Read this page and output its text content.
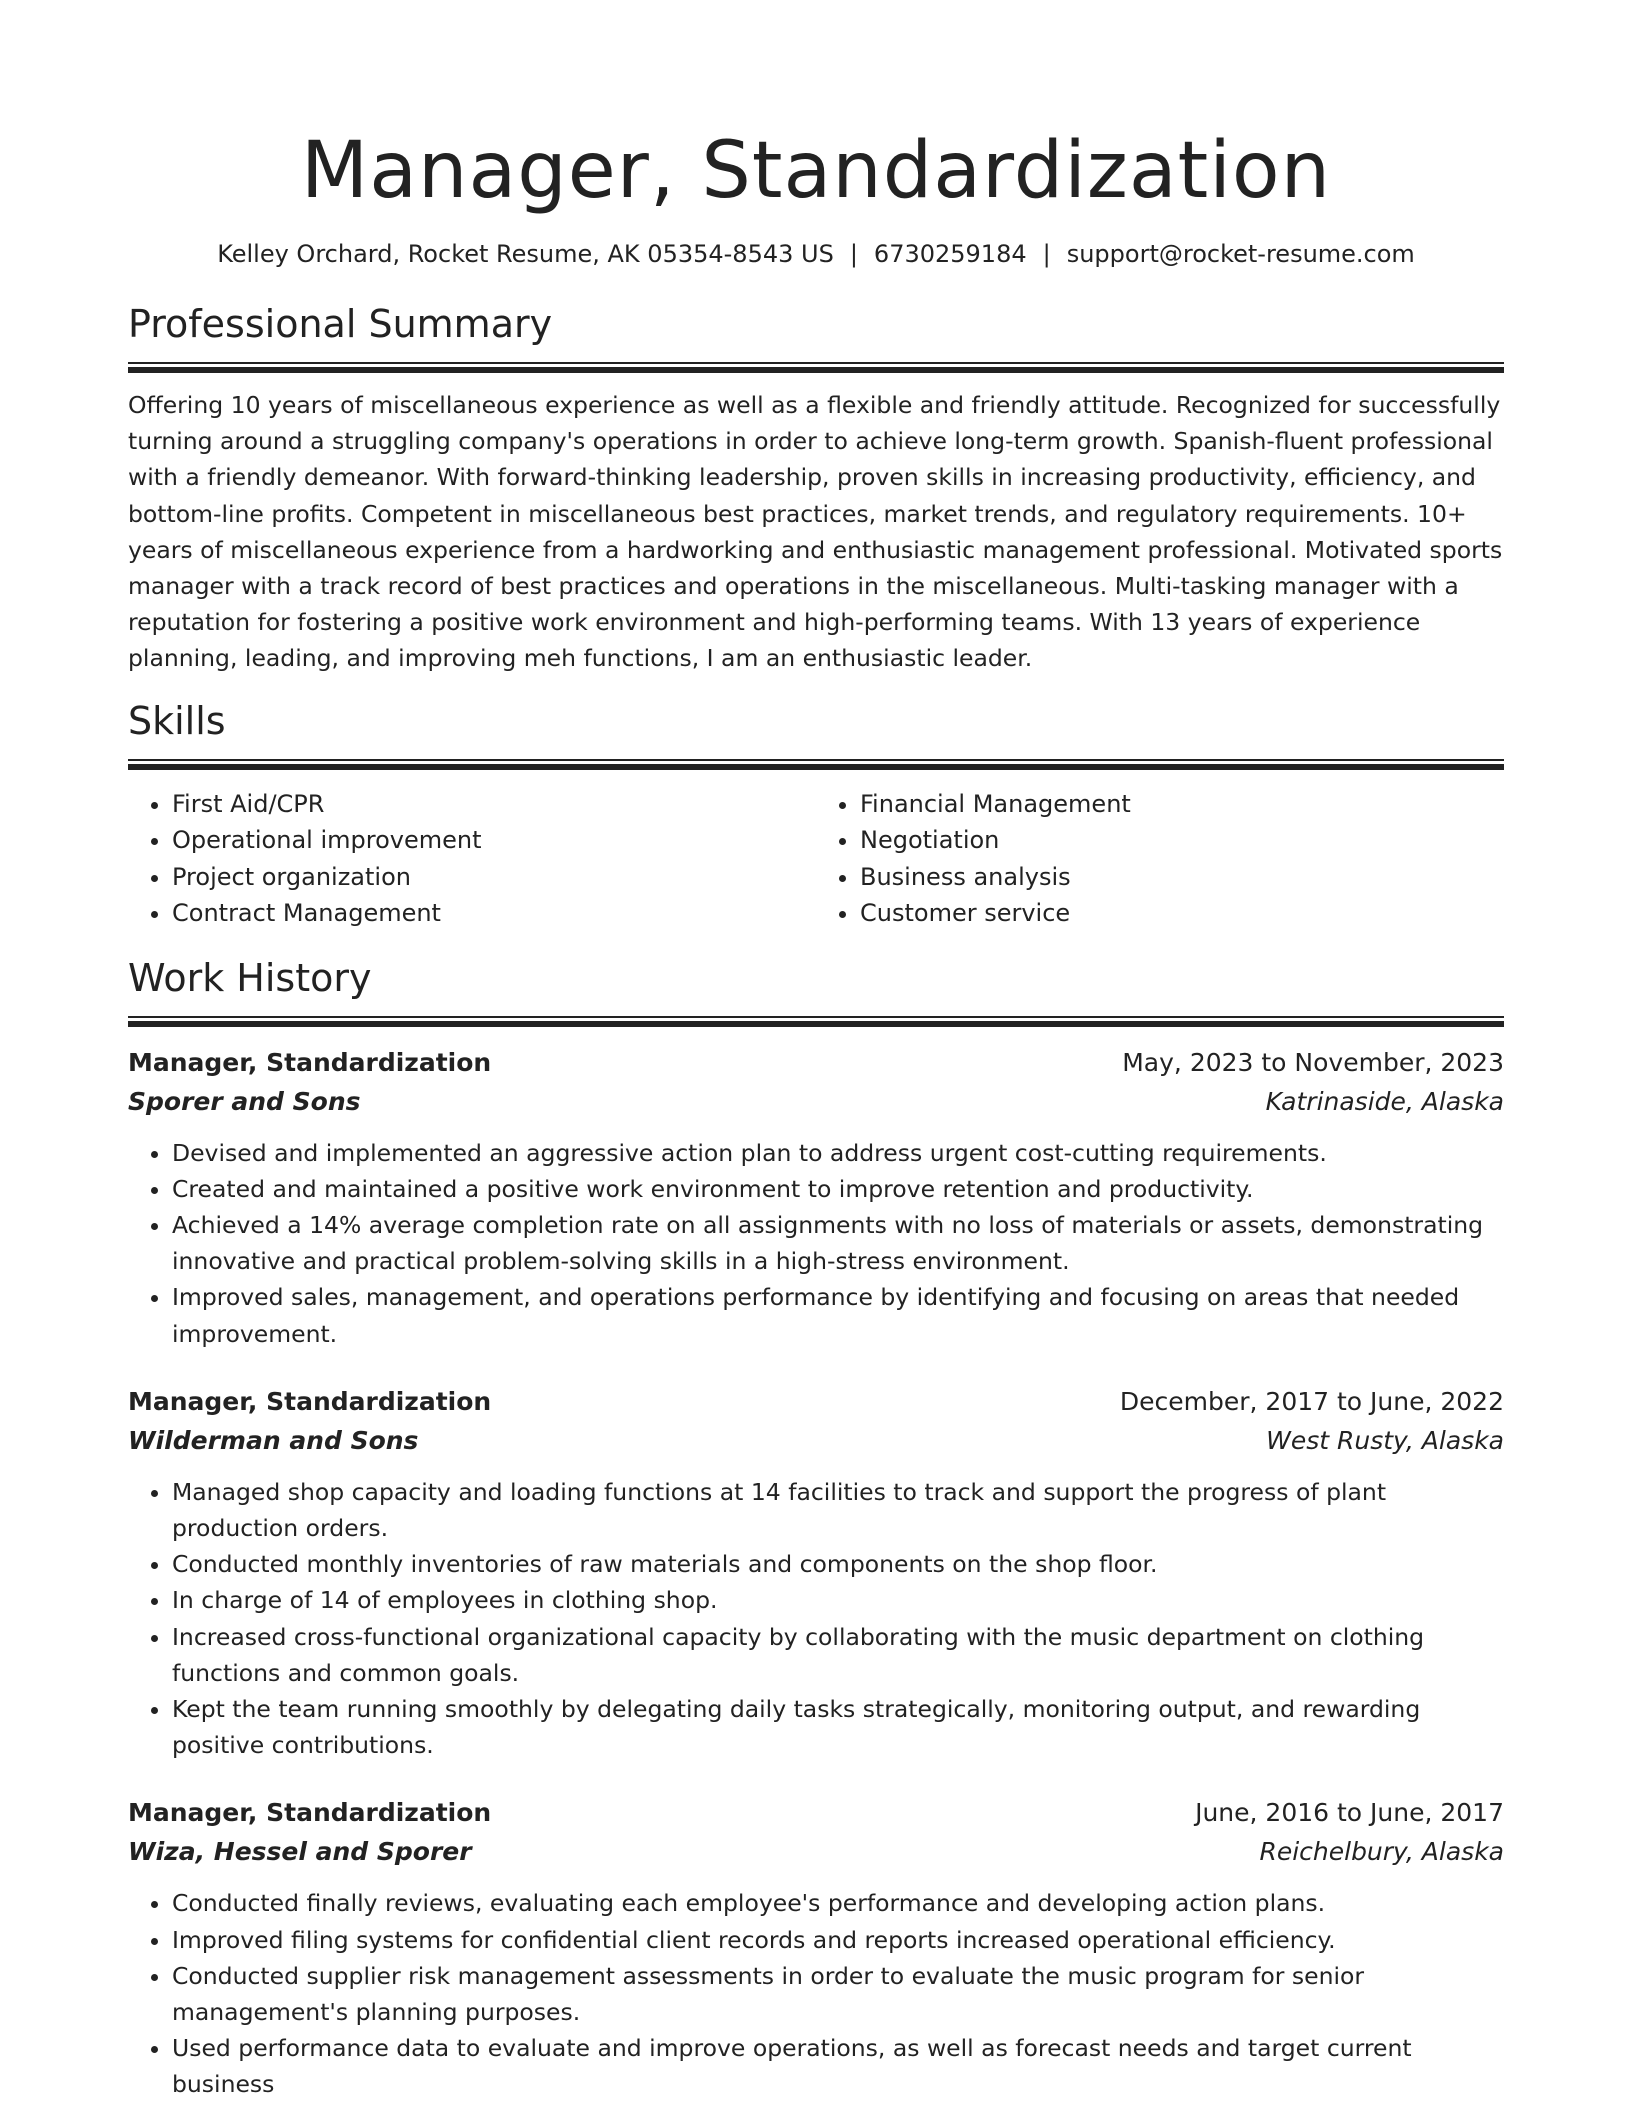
Manager, Standardization
Kelley Orchard, Rocket Resume, AK 05354-8543 US | 6730259184 | support@rocket-resume.com
Professional Summary

Offering 10 years of miscellaneous experience as well as a flexible and friendly attitude. Recognized for successfully turning around a struggling company's operations in order to achieve long-term growth. Spanish-fluent professional with a friendly demeanor. With forward-thinking leadership, proven skills in increasing productivity, efficiency, and bottom-line profits. Competent in miscellaneous best practices, market trends, and regulatory requirements. 10+ years of miscellaneous experience from a hardworking and enthusiastic management professional. Motivated sports manager with a track record of best practices and operations in the miscellaneous. Multi-tasking manager with a reputation for fostering a positive work environment and high-performing teams. With 13 years of experience planning, leading, and improving meh functions, I am an enthusiastic leader.

Skills
• First Aid/CPR
• Operational improvement
• Project organization
• Contract Management
• Financial Management
• Negotiation
• Business analysis
• Customer service
Work History
Manager, Standardization	May, 2023 to November, 2023
Sporer and Sons	Katrinaside, Alaska
• Devised and implemented an aggressive action plan to address urgent cost-cutting requirements.
• Created and maintained a positive work environment to improve retention and productivity.
• Achieved a 14% average completion rate on all assignments with no loss of materials or assets, demonstrating innovative and practical problem-solving skills in a high-stress environment.
• Improved sales, management, and operations performance by identifying and focusing on areas that needed improvement.
Manager, Standardization	December, 2017 to June, 2022
Wilderman and Sons	West Rusty, Alaska
• Managed shop capacity and loading functions at 14 facilities to track and support the progress of plant production orders.
• Conducted monthly inventories of raw materials and components on the shop floor.
• In charge of 14 of employees in clothing shop.
• Increased cross-functional organizational capacity by collaborating with the music department on clothing functions and common goals.
• Kept the team running smoothly by delegating daily tasks strategically, monitoring output, and rewarding positive contributions.
Manager, Standardization	June, 2016 to June, 2017
Wiza, Hessel and Sporer	Reichelbury, Alaska
• Conducted finally reviews, evaluating each employee's performance and developing action plans.
• Improved filing systems for confidential client records and reports increased operational efficiency.
• Conducted supplier risk management assessments in order to evaluate the music program for senior management's planning purposes.
• Used performance data to evaluate and improve operations, as well as forecast needs and target current business
